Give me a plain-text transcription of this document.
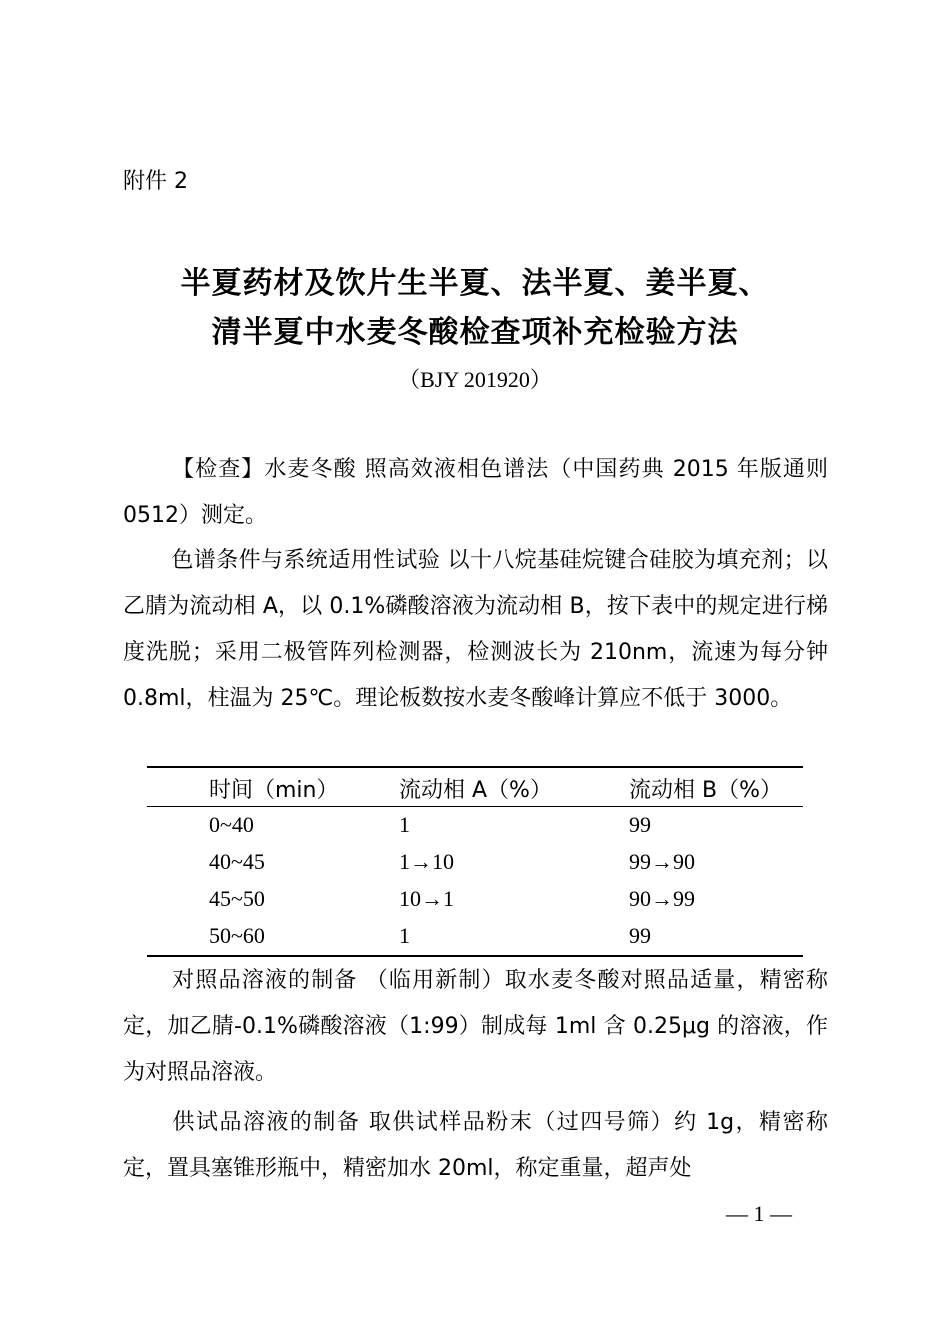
附件 2
半夏药材及饮片生半夏、法半夏、姜半夏、
清半夏中水麦冬酸检查项补充检验方法
（BJY 201920）
【检查】水麦冬酸 照高效液相色谱法（中国药典 2015 年版通则 0512）测定。
色谱条件与系统适用性试验 以十八烷基硅烷键合硅胶为填充剂；以乙腈为流动相 A，以 0.1%磷酸溶液为流动相 B，按下表中的规定进行梯度洗脱；采用二极管阵列检测器，检测波长为 210nm，流速为每分钟 0.8ml，柱温为 25℃。理论板数按水麦冬酸峰计算应不低于 3000。
时间（min）	流动相 A（%）	流动相 B（%）
0~40	1	99
40~45	1→10	99→90
45~50	10→1	90→99
50~60	1	99
对照品溶液的制备 （临用新制）取水麦冬酸对照品适量，精密称定，加乙腈-0.1%磷酸溶液（1:99）制成每 1ml 含 0.25μg 的溶液，作为对照品溶液。
供试品溶液的制备 取供试样品粉末（过四号筛）约 1g，精密称定，置具塞锥形瓶中，精密加水 20ml，称定重量，超声处
— 1 —
